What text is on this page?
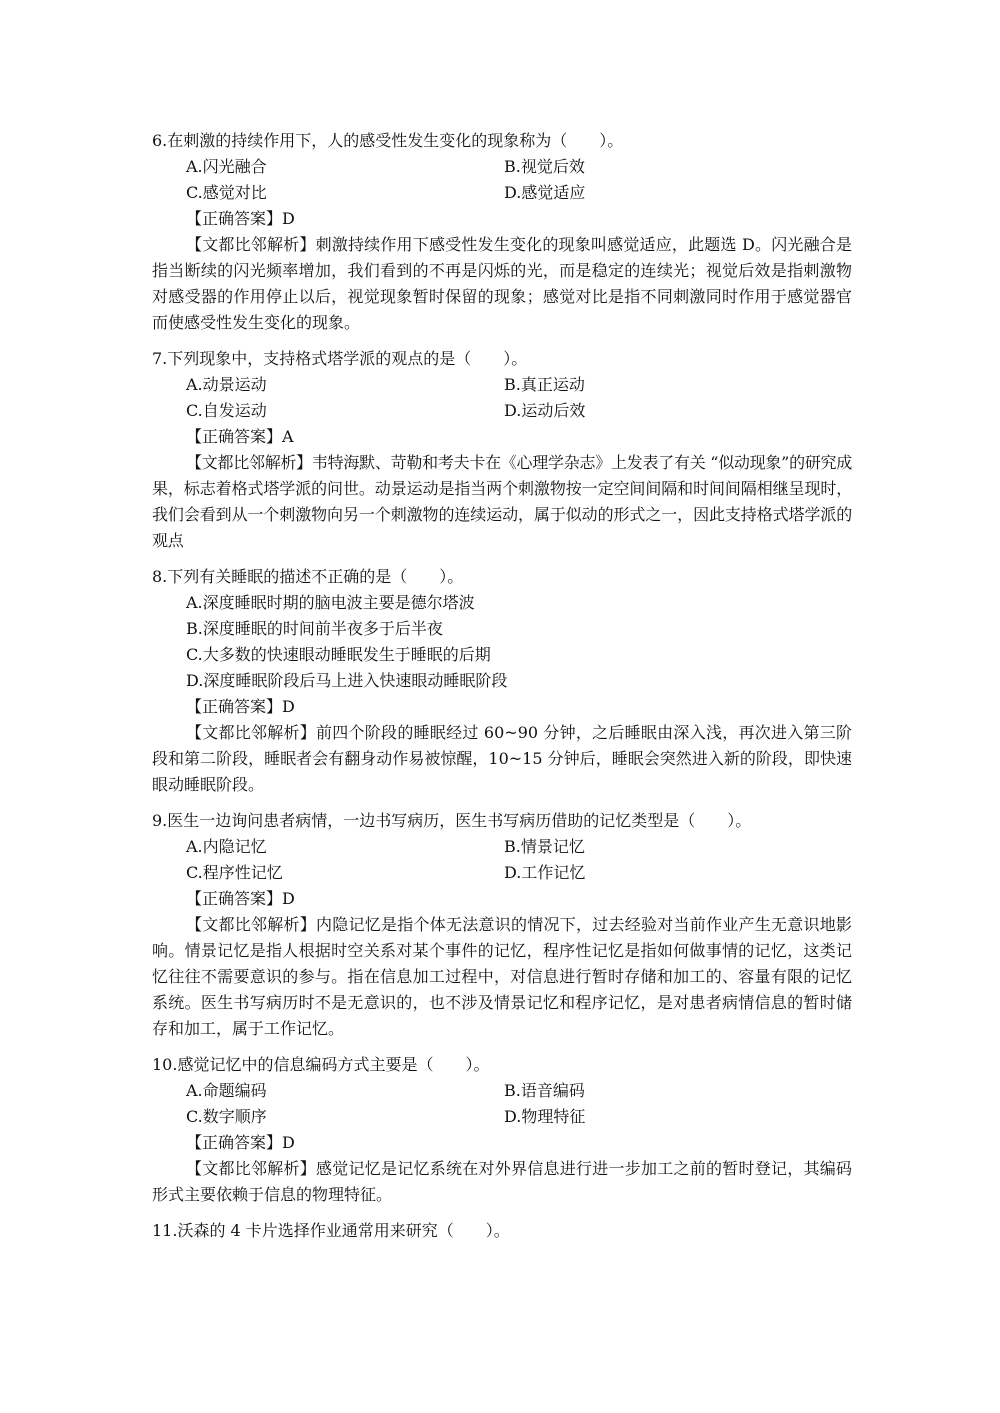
6.在刺激的持续作用下，人的感受性发生变化的现象称为（　　）。
A.闪光融合	B.视觉后效
C.感觉对比	D.感觉适应
【正确答案】D
【文都比邻解析】刺激持续作用下感受性发生变化的现象叫感觉适应，此题选 D。闪光融合是指当断续的闪光频率增加，我们看到的不再是闪烁的光，而是稳定的连续光；视觉后效是指刺激物对感受器的作用停止以后，视觉现象暂时保留的现象；感觉对比是指不同刺激同时作用于感觉器官而使感受性发生变化的现象。
7.下列现象中，支持格式塔学派的观点的是（　　）。
A.动景运动	B.真正运动
C.自发运动	D.运动后效
【正确答案】A
【文都比邻解析】韦特海默、苛勒和考夫卡在《心理学杂志》上发表了有关 “似动现象”的研究成果，标志着格式塔学派的问世。动景运动是指当两个刺激物按一定空间间隔和时间间隔相继呈现时，我们会看到从一个刺激物向另一个刺激物的连续运动，属于似动的形式之一，因此支持格式塔学派的观点
8.下列有关睡眠的描述不正确的是（　　）。
A.深度睡眠时期的脑电波主要是德尔塔波
B.深度睡眠的时间前半夜多于后半夜
C.大多数的快速眼动睡眠发生于睡眠的后期
D.深度睡眠阶段后马上进入快速眼动睡眠阶段
【正确答案】D
【文都比邻解析】前四个阶段的睡眠经过 60~90 分钟，之后睡眠由深入浅，再次进入第三阶段和第二阶段，睡眠者会有翻身动作易被惊醒，10~15 分钟后，睡眠会突然进入新的阶段，即快速眼动睡眠阶段。
9.医生一边询问患者病情，一边书写病历，医生书写病历借助的记忆类型是（　　）。
A.内隐记忆	B.情景记忆
C.程序性记忆	D.工作记忆
【正确答案】D
【文都比邻解析】内隐记忆是指个体无法意识的情况下，过去经验对当前作业产生无意识地影响。情景记忆是指人根据时空关系对某个事件的记忆，程序性记忆是指如何做事情的记忆，这类记忆往往不需要意识的参与。指在信息加工过程中，对信息进行暂时存储和加工的、容量有限的记忆系统。医生书写病历时不是无意识的，也不涉及情景记忆和程序记忆，是对患者病情信息的暂时储存和加工，属于工作记忆。
10.感觉记忆中的信息编码方式主要是（　　）。
A.命题编码	B.语音编码
C.数字顺序	D.物理特征
【正确答案】D
【文都比邻解析】感觉记忆是记忆系统在对外界信息进行进一步加工之前的暂时登记，其编码形式主要依赖于信息的物理特征。
11.沃森的 4 卡片选择作业通常用来研究（　　）。
